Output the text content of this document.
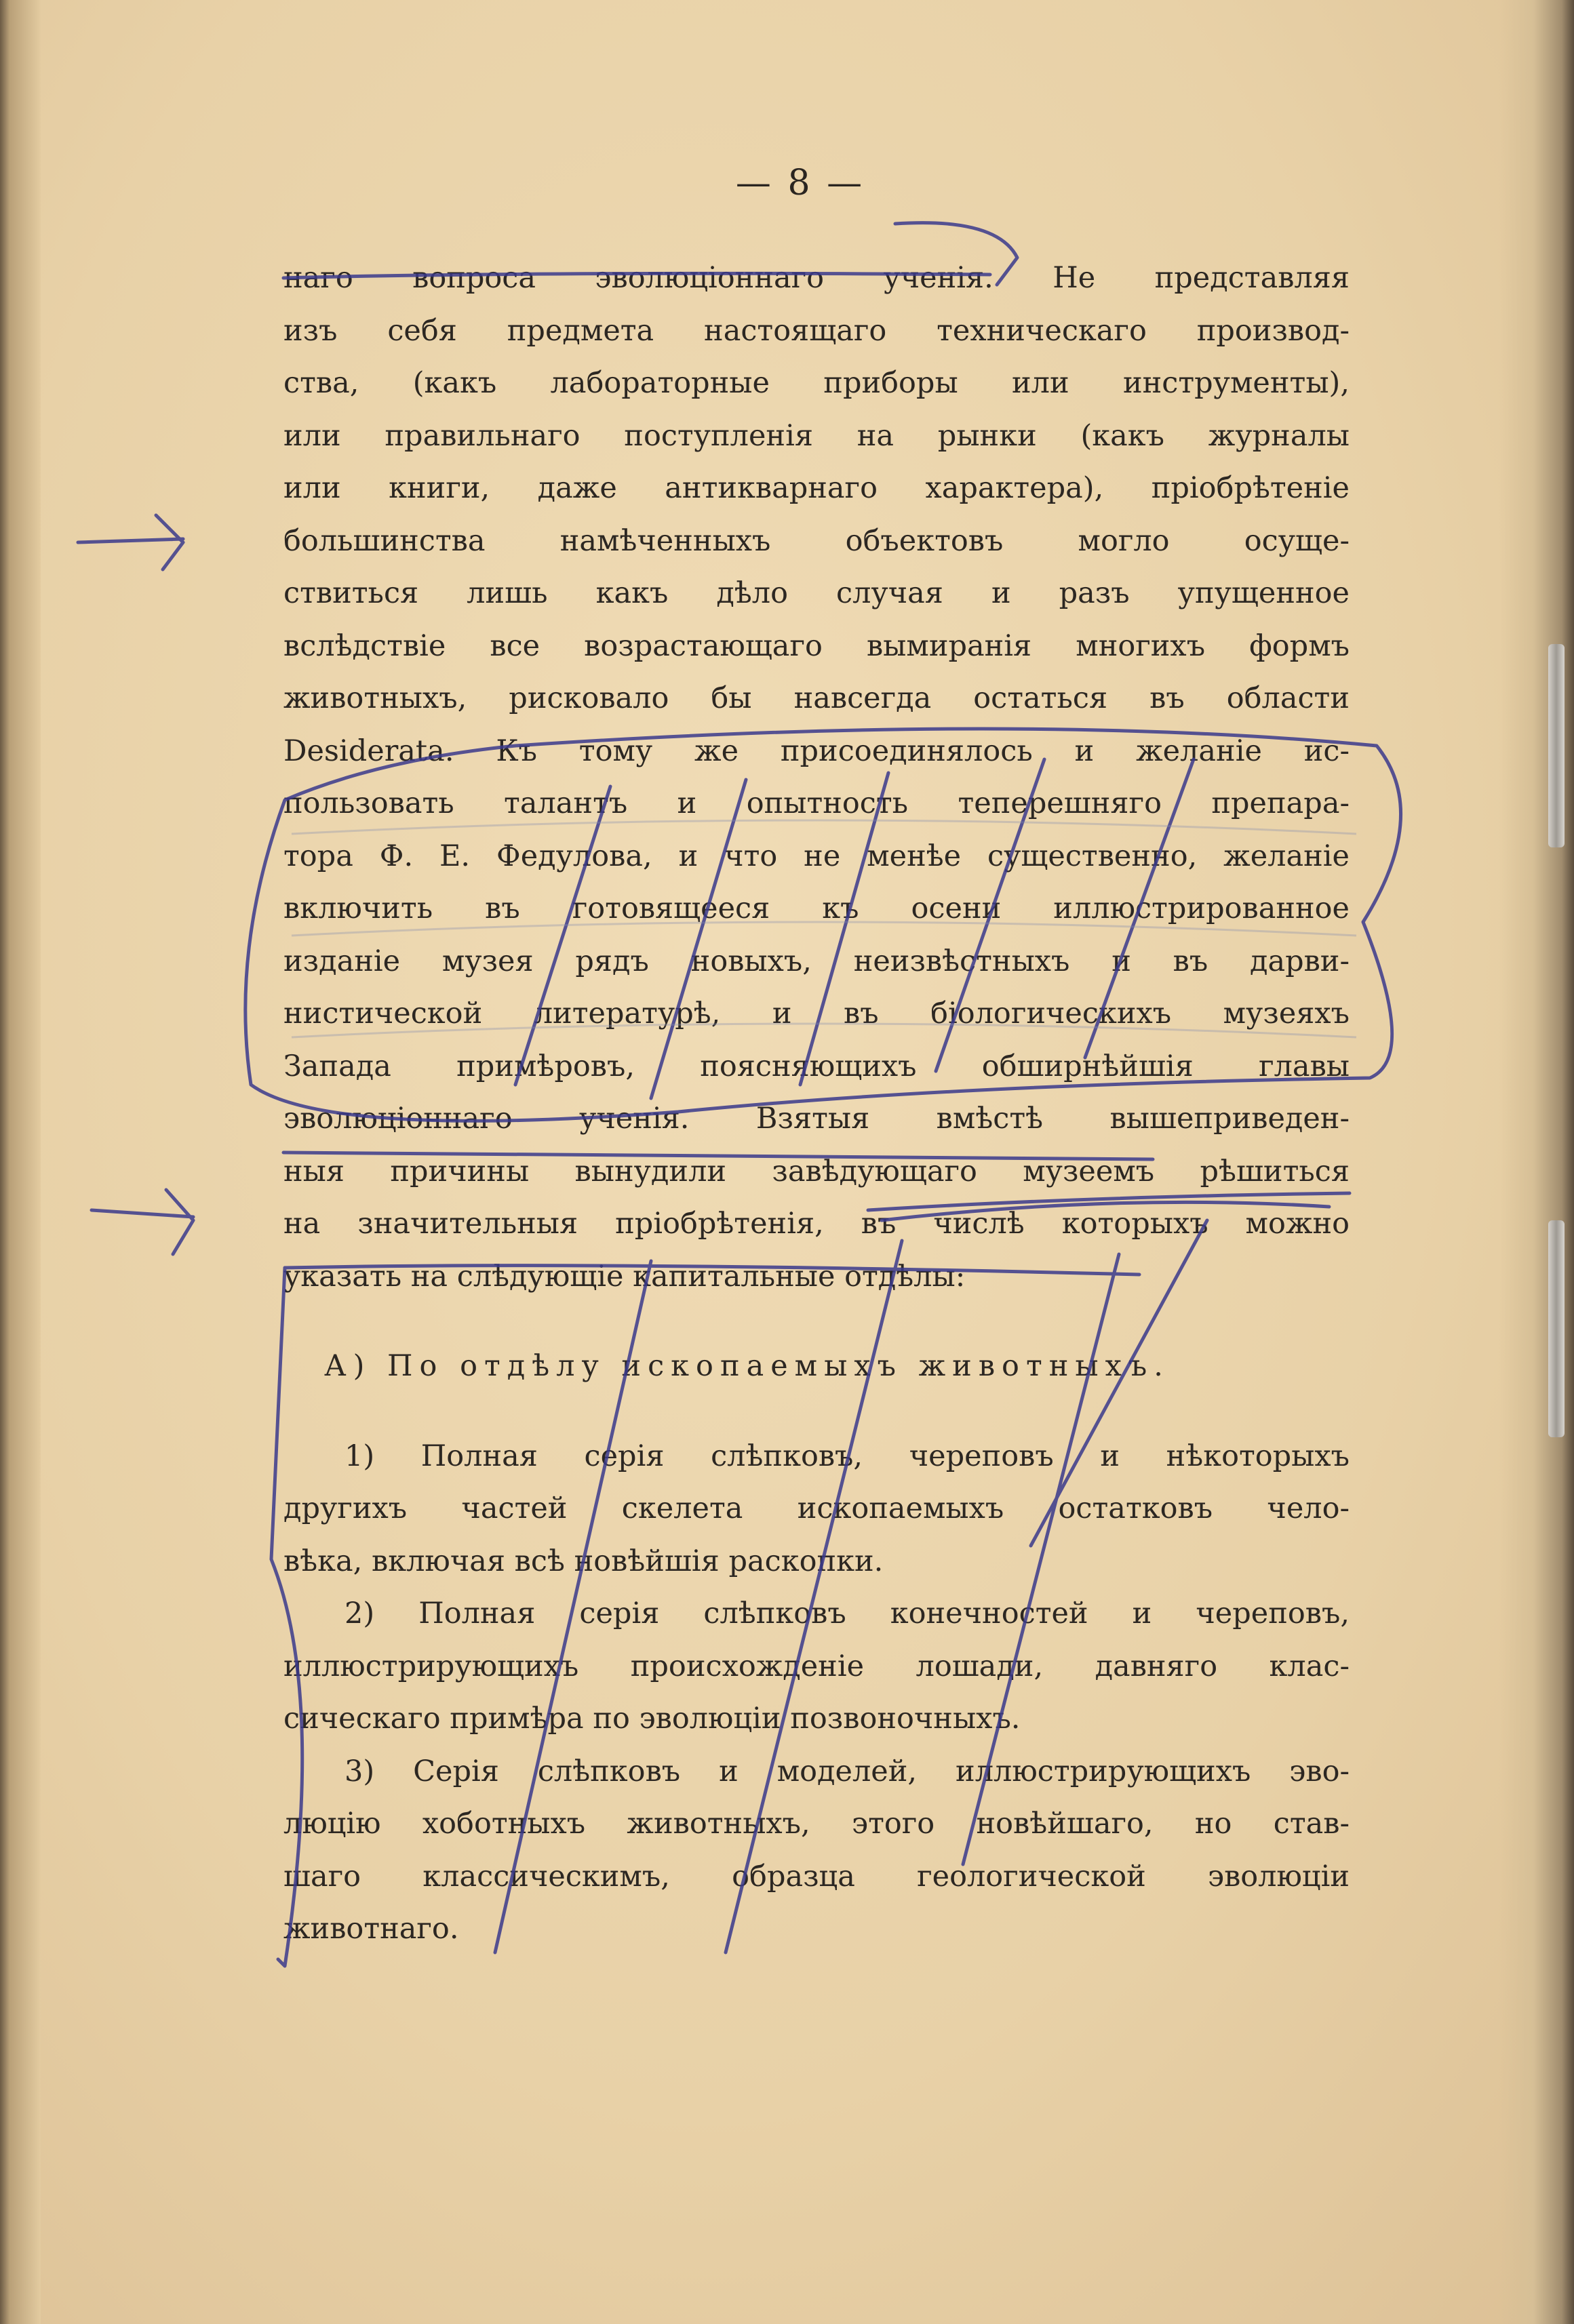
— 8 —
наго вопроса эволюціоннаго ученія. Не представляя
изъ себя предмета настоящаго техническаго производ-
ства, (какъ лабораторные приборы или инструменты),
или правильнаго поступленія на рынки (какъ журналы
или книги, даже антикварнаго характера), пріобрѣтеніе
большинства намѣченныхъ объектовъ могло осуще-
ствиться лишь какъ дѣло случая и разъ упущенное
вслѣдствіе все возрастающаго вымиранія многихъ формъ
животныхъ, рисковало бы навсегда остаться въ области
Desiderata. Къ тому же присоединялось и желаніе ис-
пользовать талантъ и опытность теперешняго препара-
тора Ф. Е. Федулова, и что не менѣе существенно, желаніе
включить въ готовящееся къ осени иллюстрированное
изданіе музея рядъ новыхъ, неизвѣстныхъ и въ дарви-
нистической литературѣ, и въ біологическихъ музеяхъ
Запада примѣровъ, поясняющихъ обширнѣйшія главы
эволюціоннаго ученія. Взятыя вмѣстѣ вышеприведен-
ныя причины вынудили завѣдующаго музеемъ рѣшиться
на значительныя пріобрѣтенія, въ числѣ которыхъ можно
указать на слѣдующіе капитальные отдѣлы:
А) По отдѣлу ископаемыхъ животныхъ.
1) Полная серія слѣпковъ, череповъ и нѣкоторыхъ
другихъ частей скелета ископаемыхъ остатковъ чело-
вѣка, включая всѣ новѣйшія раскопки.
2) Полная серія слѣпковъ конечностей и череповъ,
иллюстрирующихъ происхожденіе лошади, давняго клас-
сическаго примѣра по эволюціи позвоночныхъ.
3) Серія слѣпковъ и моделей, иллюстрирующихъ эво-
люцію хоботныхъ животныхъ, этого новѣйшаго, но став-
шаго классическимъ, образца геологической эволюціи
животнаго.
